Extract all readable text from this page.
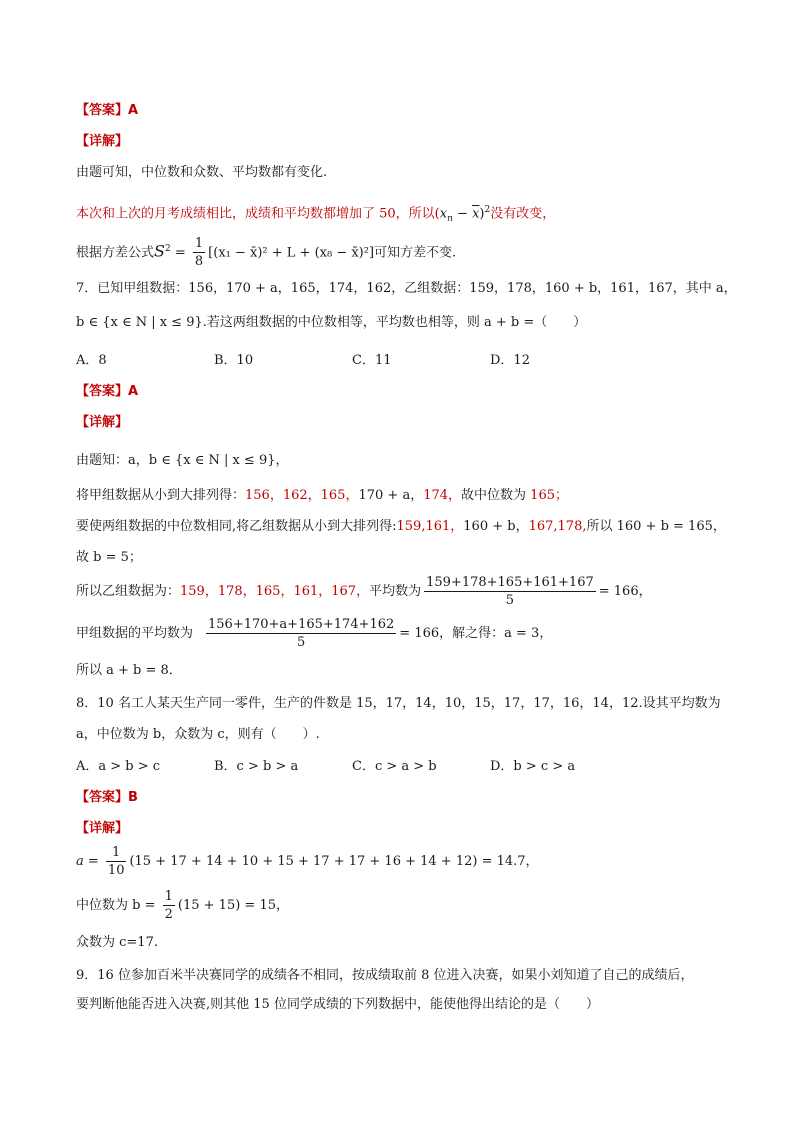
【答案】A
【详解】
由题可知，中位数和众数、平均数都有变化.
本次和上次的月考成绩相比，成绩和平均数都增加了 50，所以$(x_n - \overline{x})^2$没有改变，
根据方差公式$S^2 = \frac{1}{8} [(x_1$ − x̄)² + L + (x₈ − x̄)²]可知方差不变.
7．已知甲组数据：156，170 + a，165，174，162，乙组数据：159，178，160 + b，161，167，其中 a，
b ∈ {x ∈ N | x ≤ 9}.若这两组数据的中位数相等，平均数也相等，则 a + b =（　　）
A．8	B．10	C．11	D．12
【答案】A
【详解】
由题知：a，b ∈ {x ∈ N | x ≤ 9}，
将甲组数据从小到大排列得：156，162，165，170 + a，174，故中位数为 165；
要使两组数据的中位数相同,将乙组数据从小到大排列得:159,161，160 + b，167,178,所以 160 + b = 165，
故 b = 5；
所以乙组数据为：159，178，165，161，167，平均数为 $\frac{159+178+165+161+167}{5} = 166$，
甲组数据的平均数为 $\frac{156+170+a+165+174+162}{5} = 166$，解之得：a = 3，
所以 a + b = 8．
8．10 名工人某天生产同一零件，生产的件数是 15，17，14，10，15，17，17，16，14，12.设其平均数为
a，中位数为 b，众数为 c，则有（　　）.
A．a > b > c	B．c > b > a	C．c > a > b	D．b > c > a
【答案】B
【详解】
$a = \frac{1}{10} (15 + 17 + 14 + 10 + 15 + 17 + 17 + 16 + 14 + 12) = 14.7$，
中位数为 $b = \frac{1}{2} (15 + 15) = 15$，
众数为 c=17.
9．16 位参加百米半决赛同学的成绩各不相同，按成绩取前 8 位进入决赛，如果小刘知道了自己的成绩后，
要判断他能否进入决赛,则其他 15 位同学成绩的下列数据中，能使他得出结论的是（　　）
